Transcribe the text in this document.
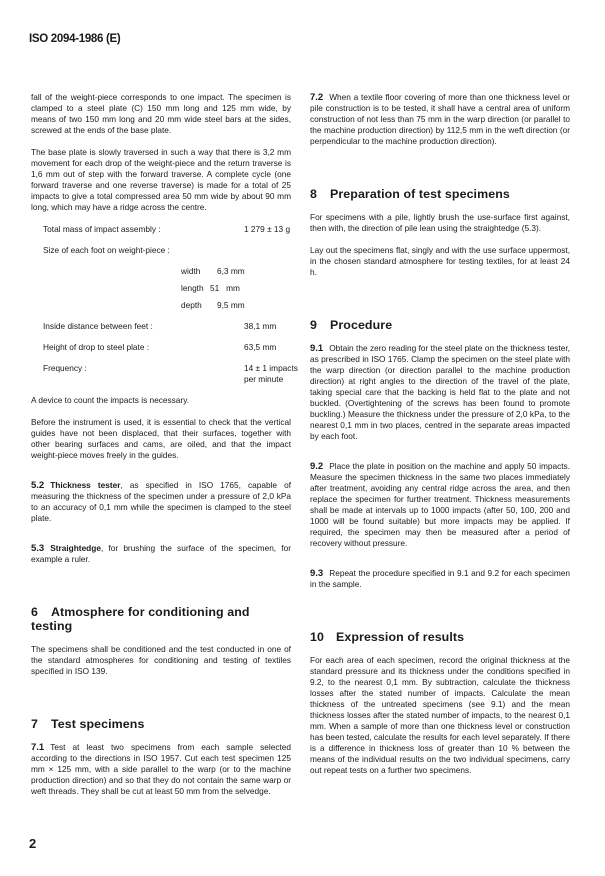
ISO 2094-1986 (E)

fall of the weight-piece corresponds to one impact. The specimen is clamped to a steel plate (C) 150 mm long and 125 mm wide, by means of two 150 mm long and 20 mm wide steel bars at the sides, screwed at the ends of the base plate.

The base plate is slowly traversed in such a way that there is 3,2 mm movement for each drop of the weight-piece and the return traverse is 1,6 mm out of step with the forward traverse. A complete cycle (one forward traverse and one reverse traverse) is made for a total of 25 impacts to give a total compressed area 50 mm wide by about 90 mm long, which may have a ridge across the centre.

Total mass of impact assembly :	1 279 ± 13 g
Size of each foot on weight-piece :
width 6,3 mm
length 51   mm
depth 9,5 mm
Inside distance between feet :	38,1 mm
Height of drop to steel plate :	63,5 mm
Frequency :	14 ± 1 impacts
per minute

A device to count the impacts is necessary.

Before the instrument is used, it is essential to check that the vertical guides have not been displaced, that their surfaces, together with other bearing surfaces and cams, are oiled, and that the impact weight-piece moves freely in the guides.

5.2 Thickness tester, as specified in ISO 1765, capable of measuring the thickness of the specimen under a pressure of 2,0 kPa to an accuracy of 0,1 mm while the specimen is clamped to the steel plate.

5.3 Straightedge, for brushing the surface of the specimen, for example a ruler.

6 Atmosphere for conditioning and testing

The specimens shall be conditioned and the test conducted in one of the standard atmospheres for conditioning and testing of textiles specified in ISO 139.

7 Test specimens

7.1 Test at least two specimens from each sample selected according to the directions in ISO 1957. Cut each test specimen 125 mm × 125 mm, with a side parallel to the warp (or to the machine production direction) and so that they do not contain the same warp or weft threads. They shall be cut at least 50 mm from the selvedge.

7.2 When a textile floor covering of more than one thickness level or pile construction is to be tested, it shall have a central area of uniform construction of not less than 75 mm in the warp direction (or parallel to the machine production direction) by 112,5 mm in the weft direction (or perpendicular to the machine production direction).

8 Preparation of test specimens

For specimens with a pile, lightly brush the use-surface first against, then with, the direction of pile lean using the straightedge (5.3).

Lay out the specimens flat, singly and with the use surface uppermost, in the chosen standard atmosphere for testing textiles, for at least 24 h.

9 Procedure

9.1 Obtain the zero reading for the steel plate on the thickness tester, as prescribed in ISO 1765. Clamp the specimen on the steel plate with the warp direction (or direction parallel to the machine production direction) at right angles to the direction of the travel of the plate, taking special care that the backing is held flat to the plate and not buckled. (Overtightening of the screws has been found to promote buckling.) Measure the thickness under the pressure of 2,0 kPa, to the nearest 0,1 mm in two places, centred in the separate areas impacted by each foot.

9.2 Place the plate in position on the machine and apply 50 impacts. Measure the specimen thickness in the same two places immediately after treatment, avoiding any central ridge across the area, and then replace the specimen for further treatment. Thickness measurements shall be made at intervals up to 1000 impacts (after 50, 100, 200 and 1000 will be found suitable) but more impacts may be applied. If required, the specimen may then be measured after a period of recovery without pressure.

9.3 Repeat the procedure specified in 9.1 and 9.2 for each specimen in the sample.

10 Expression of results

For each area of each specimen, record the original thickness at the standard pressure and its thickness under the conditions specified in 9.2, to the nearest 0,1 mm. By subtraction, calculate the thickness losses after the stated number of impacts. Calculate the mean thickness of the untreated specimens (see 9.1) and the mean thickness losses after the stated number of impacts, to the nearest 0,1 mm. When a sample of more than one thickness level or construction has been tested, calculate the results for each level separately. If there is a difference in thickness loss of greater than 10 % between the means of the individual results on the two individual specimens, carry out repeat tests on a further two specimens.

2
